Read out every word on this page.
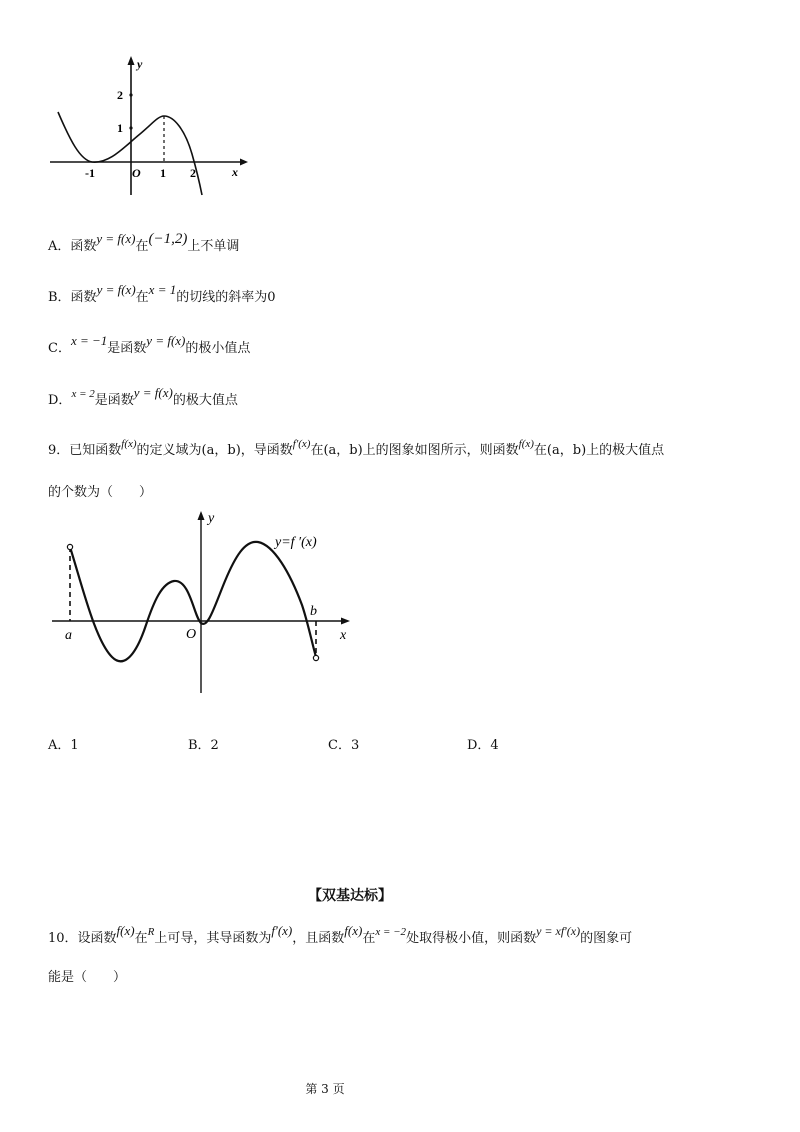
y
x
O
-1	1 2
2
1
A．函数y = f(x)在(−1,2)上不单调
B．函数y = f(x)在x = 1的切线的斜率为0
C．x = −1是函数y = f(x)的极小值点
D．$^{x = 2}$是函数y = f(x)的极大值点
9．已知函数$^{f(x)}$的定义域为(a，b)，导函数$^{f'(x)}$在(a，b)上的图象如图所示，则函数$^{f(x)}$在(a，b)上的极大值点
的个数为（　　）
y
x
O
a
b
y=f ′(x)
A．1	B．2	C．3	D．4
【双基达标】
10．设函数f(x)在$^R$上可导，其导函数为f′(x)，且函数f(x)在$^{x = -2}$处取得极小值，则函数y = xf′(x)的图象可
能是（　　）
第 3 页
